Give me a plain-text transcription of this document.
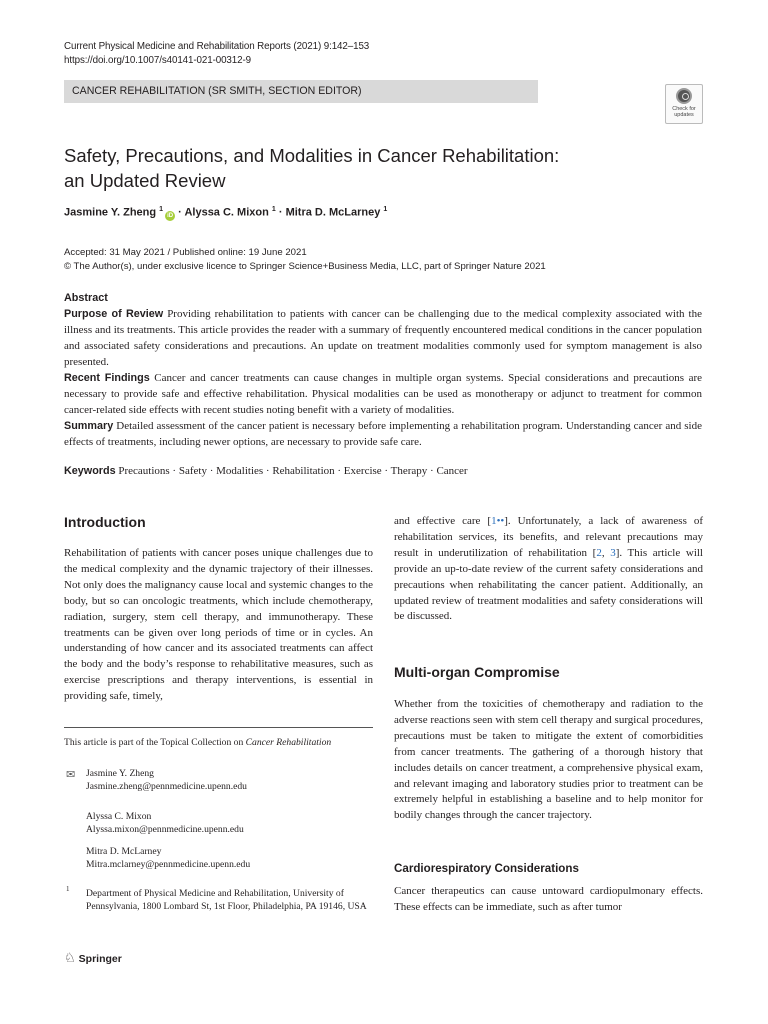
Current Physical Medicine and Rehabilitation Reports (2021) 9:142–153
https://doi.org/10.1007/s40141-021-00312-9
CANCER REHABILITATION (SR SMITH, SECTION EDITOR)
Check for updates
Safety, Precautions, and Modalities in Cancer Rehabilitation:
an Updated Review
Jasmine Y. Zheng $^1$iD · Alyssa C. Mixon $^1$ · Mitra D. McLarney $^1$
Accepted: 31 May 2021 / Published online: 19 June 2021
© The Author(s), under exclusive licence to Springer Science+Business Media, LLC, part of Springer Nature 2021

Abstract

Purpose of Review Providing rehabilitation to patients with cancer can be challenging due to the medical complexity associated with the illness and its treatments. This article provides the reader with a summary of frequently encountered medical conditions in the cancer population and associated safety considerations and precautions. An update on treatment modalities commonly used for symptom management is also presented.

Recent Findings Cancer and cancer treatments can cause changes in multiple organ systems. Special considerations and precautions are necessary to provide safe and effective rehabilitation. Physical modalities can be used as monotherapy or adjunct to treatment for common cancer-related side effects with recent studies noting benefit with a variety of modalities.

Summary Detailed assessment of the cancer patient is necessary before implementing a rehabilitation program. Understanding cancer and side effects of treatments, including newer options, are necessary to provide safe care.

Keywords Precautions · Safety · Modalities · Rehabilitation · Exercise · Therapy · Cancer
Introduction
Rehabilitation of patients with cancer poses unique challenges due to the medical complexity and the dynamic trajectory of their illnesses. Not only does the malignancy cause local and systemic changes to the body, but so can oncologic treatments, which include chemotherapy, radiation, surgery, stem cell therapy, and immunotherapy. These treatments can be given over long periods of time or in cycles. An understanding of how cancer and its associated treatments can affect the body and the body’s response to rehabilitative measures, such as exercise prescriptions and therapy interventions, is essential in providing safe, timely,
This article is part of the Topical Collection on Cancer Rehabilitation
✉ Jasmine Y. Zheng
Jasmine.zheng@pennmedicine.upenn.edu
Alyssa C. Mixon
Alyssa.mixon@pennmedicine.upenn.edu
Mitra D. McLarney
Mitra.mclarney@pennmedicine.upenn.edu
1 Department of Physical Medicine and Rehabilitation, University of Pennsylvania, 1800 Lombard St, 1st Floor, Philadelphia, PA 19146, USA
♘ Springer
and effective care [1••]. Unfortunately, a lack of awareness of rehabilitation services, its benefits, and relevant precautions may result in underutilization of rehabilitation [2, 3]. This article will provide an up-to-date review of the current safety considerations and precautions when rehabilitating the cancer patient. Additionally, an updated review of treatment modalities and safety considerations will be discussed.
Multi-organ Compromise
Whether from the toxicities of chemotherapy and radiation to the adverse reactions seen with stem cell therapy and surgical procedures, precautions must be taken to mitigate the extent of comorbidities from cancer treatments. The gathering of a thorough history that includes details on cancer treatment, a comprehensive physical exam, and relevant imaging and laboratory studies prior to treatment can be extremely helpful in establishing a baseline and to help monitor for bodily changes through the cancer trajectory.
Cardiorespiratory Considerations
Cancer therapeutics can cause untoward cardiopulmonary effects. These effects can be immediate, such as after tumor
